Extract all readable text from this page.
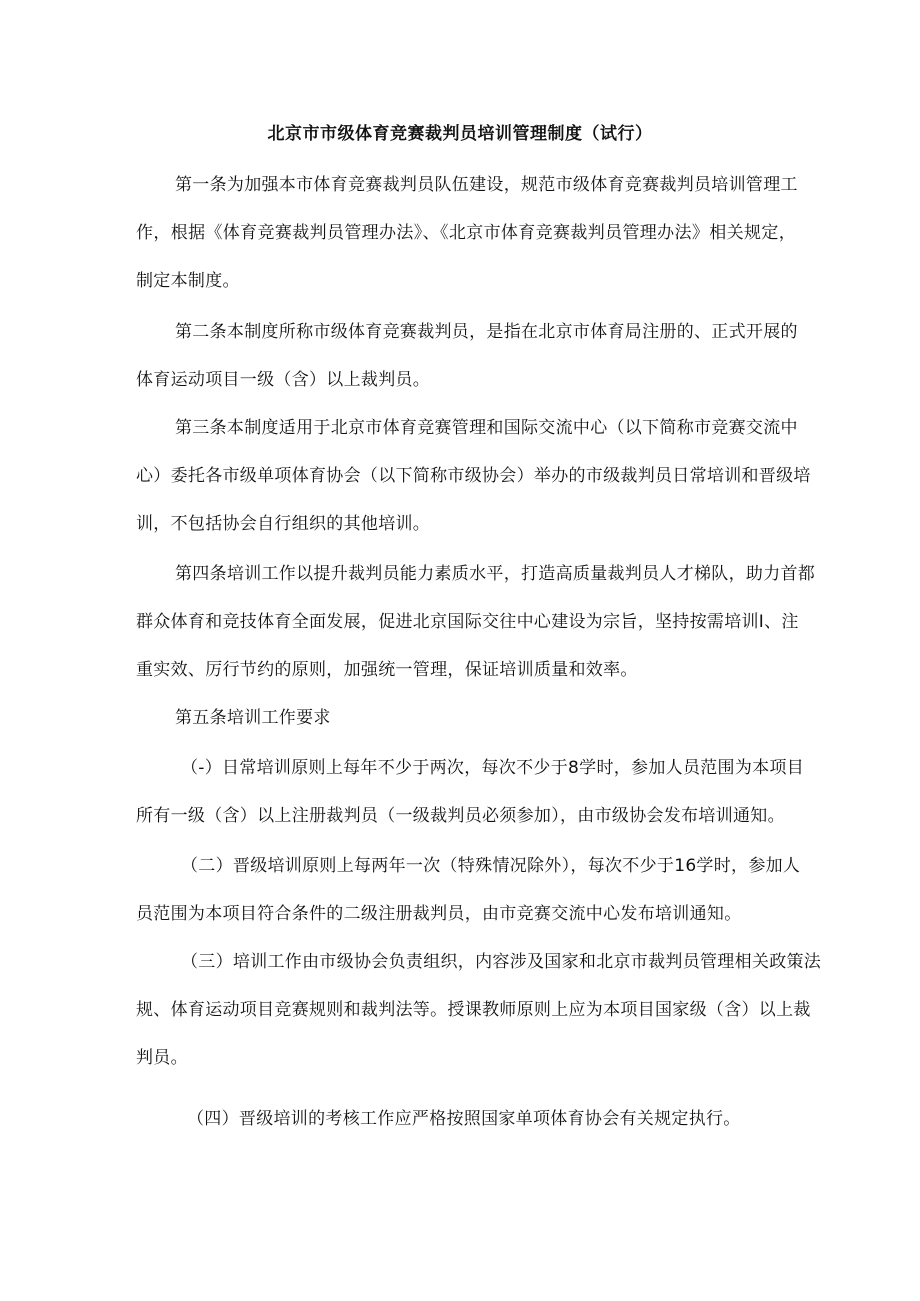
北京市市级体育竞赛裁判员培训管理制度（试行）
第一条为加强本市体育竞赛裁判员队伍建设，规范市级体育竞赛裁判员培训管理工
作，根据《体育竞赛裁判员管理办法》、《北京市体育竞赛裁判员管理办法》相关规定，
制定本制度。
第二条本制度所称市级体育竞赛裁判员，是指在北京市体育局注册的、正式开展的
体育运动项目一级（含）以上裁判员。
第三条本制度适用于北京市体育竞赛管理和国际交流中心（以下简称市竞赛交流中
心）委托各市级单项体育协会（以下简称市级协会）举办的市级裁判员日常培训和晋级培
训，不包括协会自行组织的其他培训。
第四条培训工作以提升裁判员能力素质水平，打造高质量裁判员人才梯队，助力首都
群众体育和竞技体育全面发展，促进北京国际交往中心建设为宗旨，坚持按需培训I、注
重实效、厉行节约的原则，加强统一管理，保证培训质量和效率。
第五条培训工作要求
（-）日常培训原则上每年不少于两次，每次不少于8学时，参加人员范围为本项目
所有一级（含）以上注册裁判员（一级裁判员必须参加），由市级协会发布培训通知。
（二）晋级培训原则上每两年一次（特殊情况除外），每次不少于16学时，参加人
员范围为本项目符合条件的二级注册裁判员，由市竞赛交流中心发布培训通知。
（三）培训工作由市级协会负责组织，内容涉及国家和北京市裁判员管理相关政策法
规、体育运动项目竞赛规则和裁判法等。授课教师原则上应为本项目国家级（含）以上裁
判员。
（四）晋级培训的考核工作应严格按照国家单项体育协会有关规定执行。
